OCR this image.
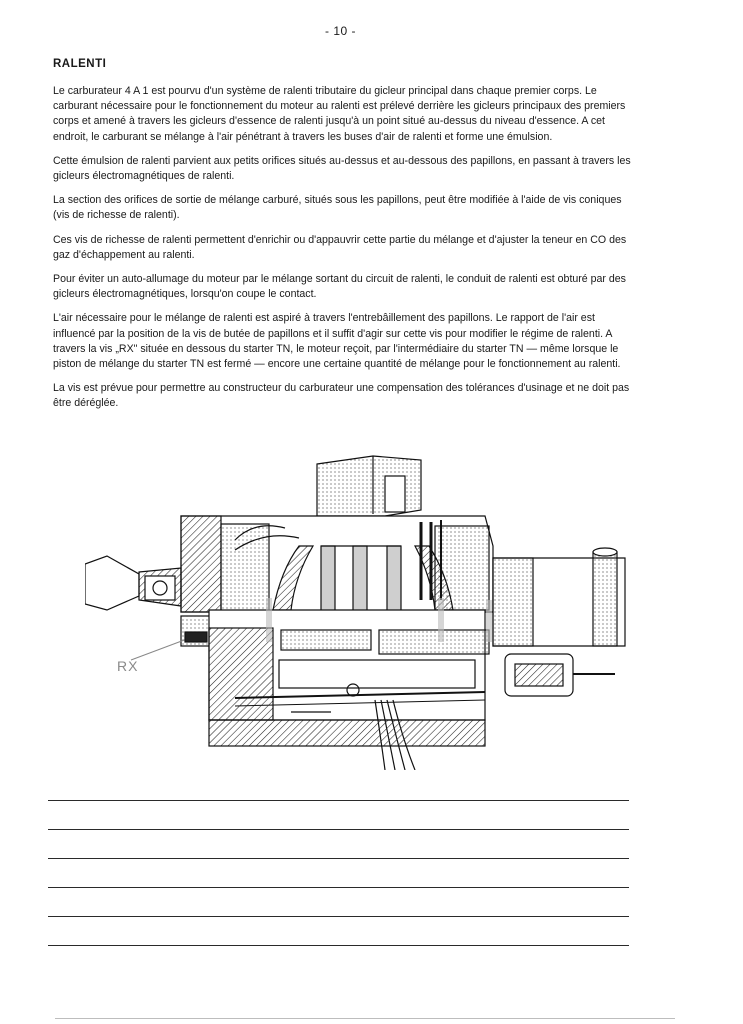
- 10 -
RALENTI

Le carburateur 4 A 1 est pourvu d'un système de ralenti tributaire du gicleur principal dans chaque premier corps. Le carburant nécessaire pour le fonctionnement du moteur au ralenti est prélevé derrière les gicleurs principaux des premiers corps et amené à travers les gicleurs d'essence de ralenti jusqu'à un point situé au-dessus du niveau d'essence. A cet endroit, le carburant se mélange à l'air pénétrant à travers les buses d'air de ralenti et forme une émulsion.

Cette émulsion de ralenti parvient aux petits orifices situés au-dessus et au-dessous des papillons, en passant à travers les gicleurs électromagnétiques de ralenti.

La section des orifices de sortie de mélange carburé, situés sous les papillons, peut être modifiée à l'aide de vis coniques (vis de richesse de ralenti).

Ces vis de richesse de ralenti permettent d'enrichir ou d'appauvrir cette partie du mélange et d'ajuster la teneur en CO des gaz d'échappement au ralenti.

Pour éviter un auto-allumage du moteur par le mélange sortant du circuit de ralenti, le conduit de ralenti est obturé par des gicleurs électromagnétiques, lorsqu'on coupe le contact.

L'air nécessaire pour le mélange de ralenti est aspiré à travers l'entrebâillement des papillons. Le rapport de l'air est influencé par la position de la vis de butée de papillons et il suffit d'agir sur cette vis pour modifier le régime de ralenti. A travers la vis „RX" située en dessous du starter TN, le moteur reçoit, par l'intermédiaire du starter TN — même lorsque le piston de mélange du starter TN est fermé — encore une certaine quantité de mélange pour le fonctionnement au ralenti.

La vis est prévue pour permettre au constructeur du carburateur une compensation des tolérances d'usinage et ne doit pas être déréglée.

RX
